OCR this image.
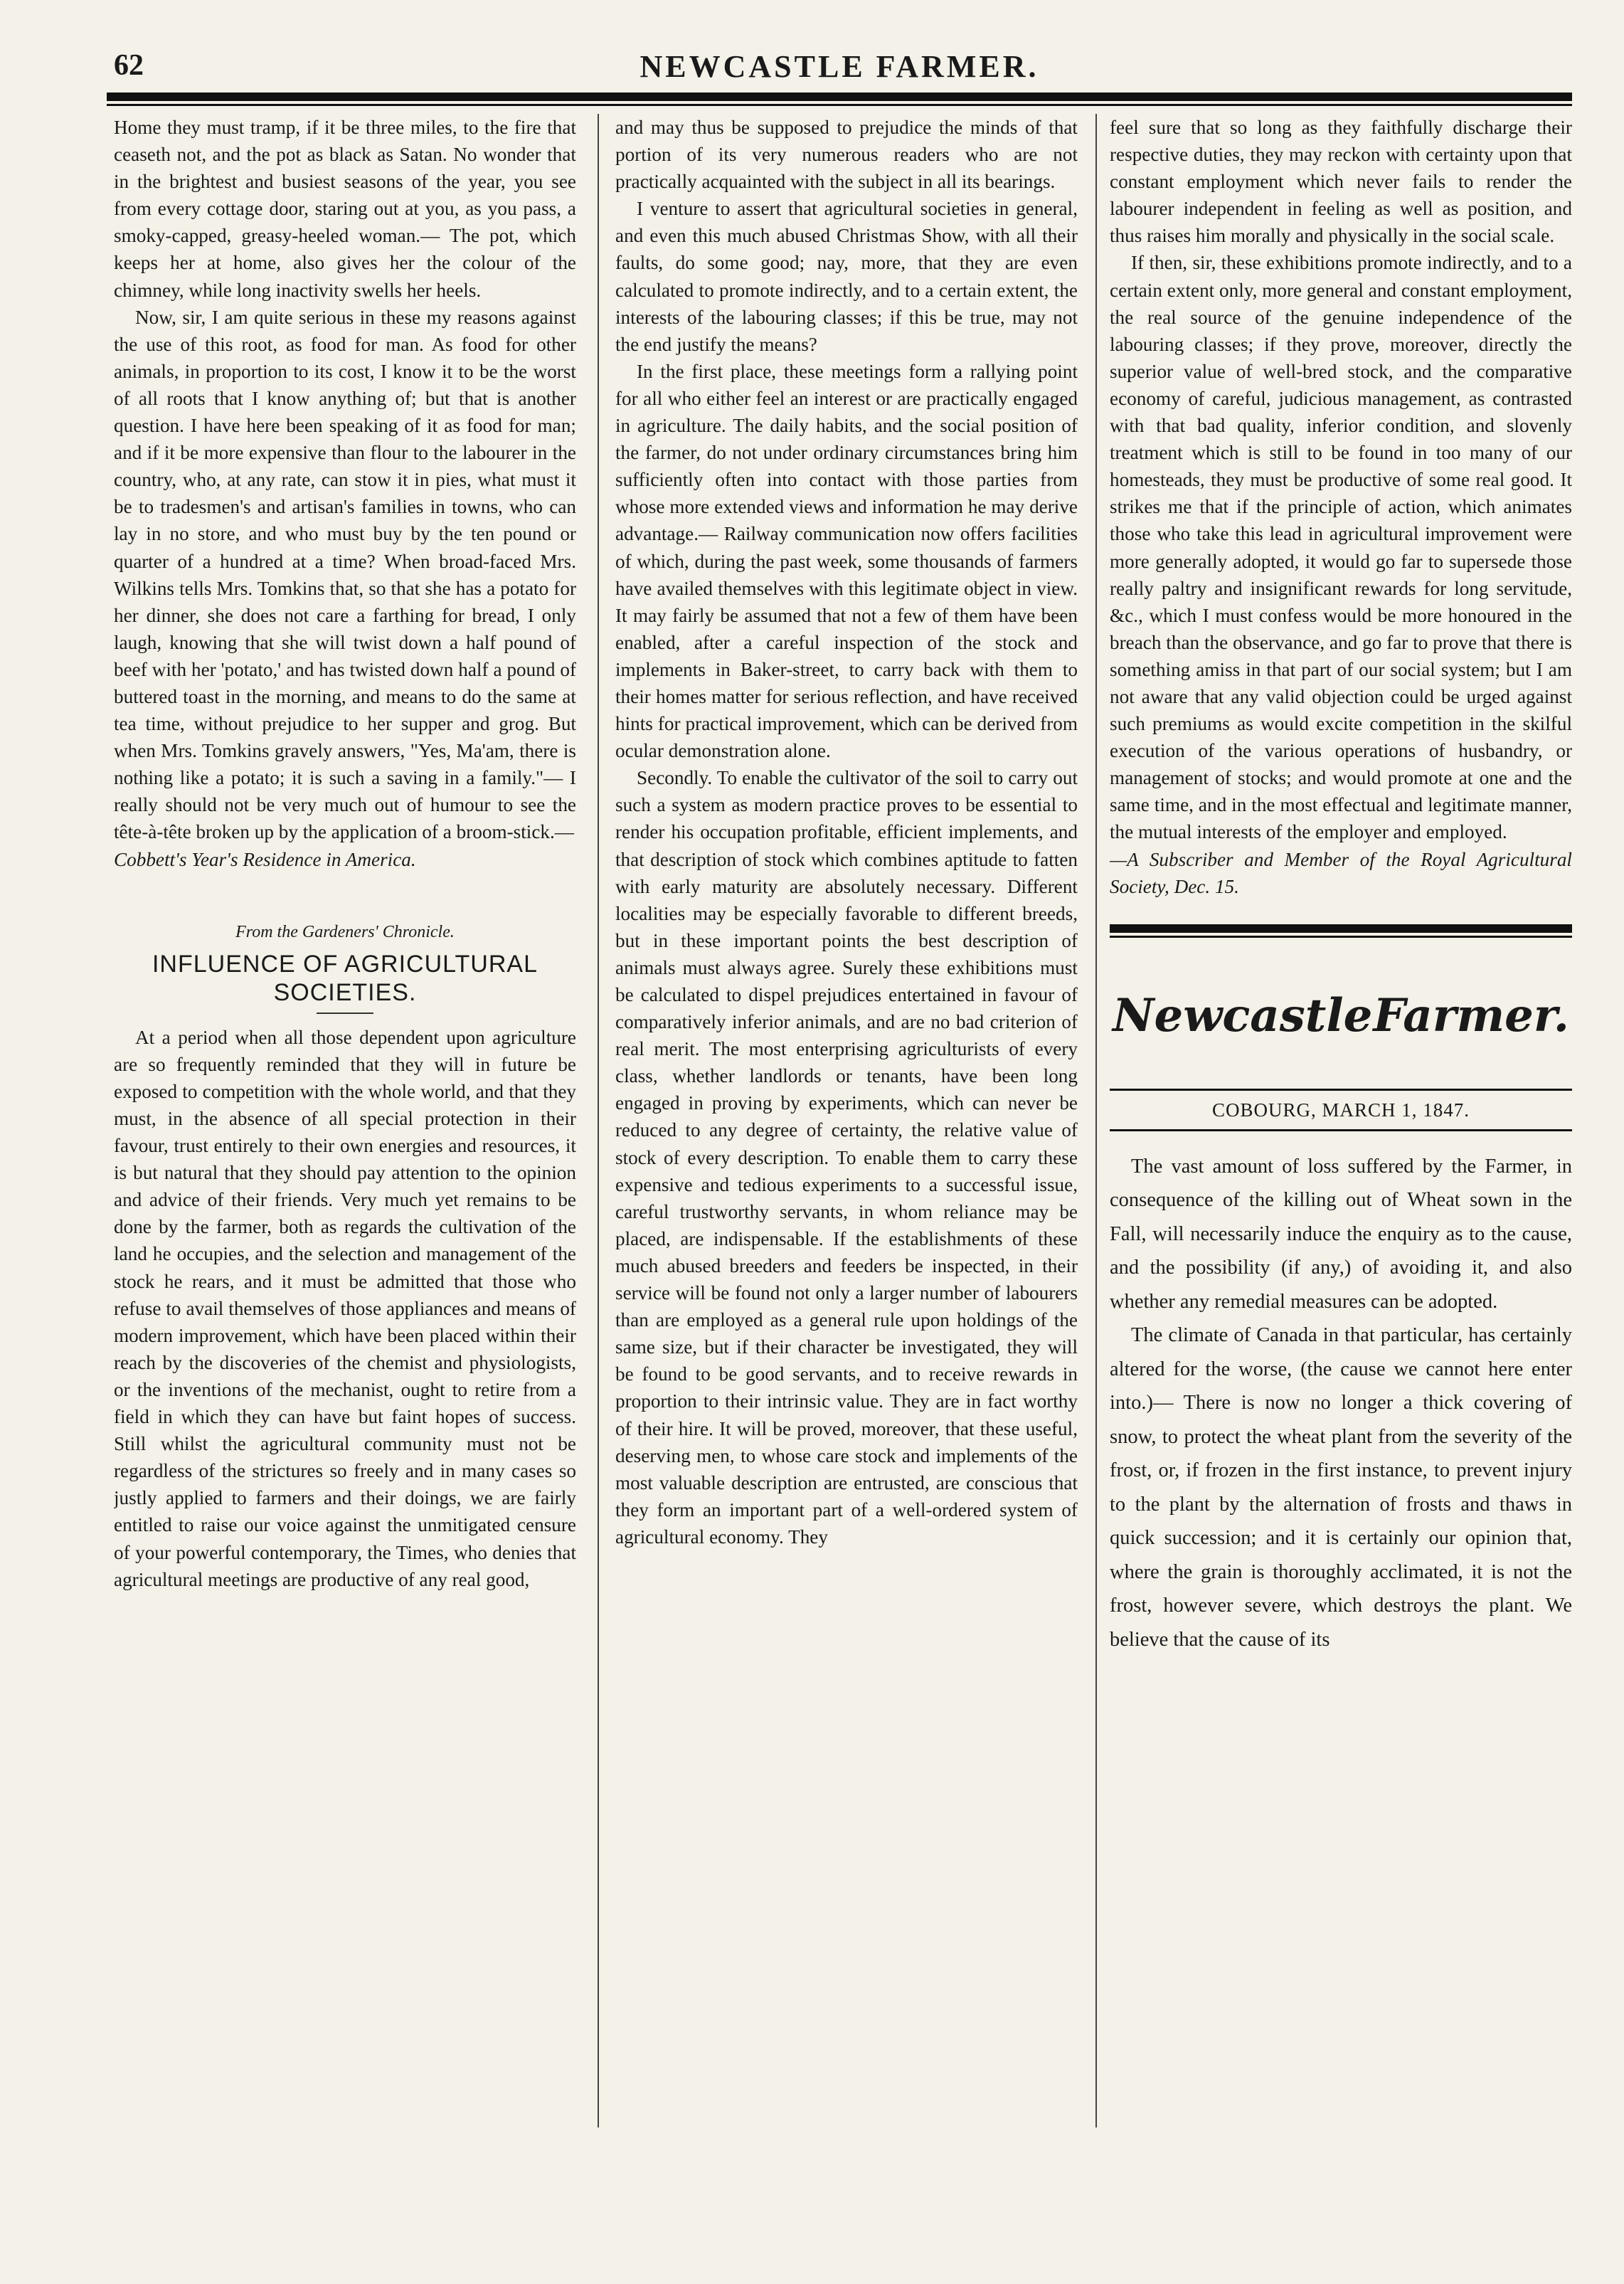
62	NEWCASTLE FARMER.

Home they must tramp, if it be three miles, to the fire that ceaseth not, and the pot as black as Satan. No wonder that in the brightest and busiest seasons of the year, you see from every cottage door, staring out at you, as you pass, a smoky-capped, greasy-heeled woman.— The pot, which keeps her at home, also gives her the colour of the chimney, while long inactivity swells her heels.

Now, sir, I am quite serious in these my reasons against the use of this root, as food for man. As food for other animals, in proportion to its cost, I know it to be the worst of all roots that I know anything of; but that is another question. I have here been speaking of it as food for man; and if it be more expensive than flour to the labourer in the country, who, at any rate, can stow it in pies, what must it be to tradesmen's and artisan's families in towns, who can lay in no store, and who must buy by the ten pound or quarter of a hundred at a time? When broad-faced Mrs. Wilkins tells Mrs. Tomkins that, so that she has a potato for her dinner, she does not care a farthing for bread, I only laugh, knowing that she will twist down a half pound of beef with her 'potato,' and has twisted down half a pound of buttered toast in the morning, and means to do the same at tea time, without prejudice to her supper and grog. But when Mrs. Tomkins gravely answers, "Yes, Ma'am, there is nothing like a potato; it is such a saving in a family."— I really should not be very much out of humour to see the tête-à-tête broken up by the application of a broom-stick.—

Cobbett's Year's Residence in America.

From the Gardeners' Chronicle.

INFLUENCE OF AGRICULTURAL SOCIETIES.

At a period when all those dependent upon agriculture are so frequently reminded that they will in future be exposed to competition with the whole world, and that they must, in the absence of all special protection in their favour, trust entirely to their own energies and resources, it is but natural that they should pay attention to the opinion and advice of their friends. Very much yet remains to be done by the farmer, both as regards the cultivation of the land he occupies, and the selection and management of the stock he rears, and it must be admitted that those who refuse to avail themselves of those appliances and means of modern improvement, which have been placed within their reach by the discoveries of the chemist and physiologists, or the inventions of the mechanist, ought to retire from a field in which they can have but faint hopes of success. Still whilst the agricultural community must not be regardless of the strictures so freely and in many cases so justly applied to farmers and their doings, we are fairly entitled to raise our voice against the unmitigated censure of your powerful contemporary, the Times, who denies that agricultural meetings are productive of any real good,

and may thus be supposed to prejudice the minds of that portion of its very numerous readers who are not practically acquainted with the subject in all its bearings.

I venture to assert that agricultural societies in general, and even this much abused Christmas Show, with all their faults, do some good; nay, more, that they are even calculated to promote indirectly, and to a certain extent, the interests of the labouring classes; if this be true, may not the end justify the means?

In the first place, these meetings form a rallying point for all who either feel an interest or are practically engaged in agriculture. The daily habits, and the social position of the farmer, do not under ordinary circumstances bring him sufficiently often into contact with those parties from whose more extended views and information he may derive advantage.— Railway communication now offers facilities of which, during the past week, some thousands of farmers have availed themselves with this legitimate object in view. It may fairly be assumed that not a few of them have been enabled, after a careful inspection of the stock and implements in Baker-street, to carry back with them to their homes matter for serious reflection, and have received hints for practical improvement, which can be derived from ocular demonstration alone.

Secondly. To enable the cultivator of the soil to carry out such a system as modern practice proves to be essential to render his occupation profitable, efficient implements, and that description of stock which combines aptitude to fatten with early maturity are absolutely necessary. Different localities may be especially favorable to different breeds, but in these important points the best description of animals must always agree. Surely these exhibitions must be calculated to dispel prejudices entertained in favour of comparatively inferior animals, and are no bad criterion of real merit. The most enterprising agriculturists of every class, whether landlords or tenants, have been long engaged in proving by experiments, which can never be reduced to any degree of certainty, the relative value of stock of every description. To enable them to carry these expensive and tedious experiments to a successful issue, careful trustworthy servants, in whom reliance may be placed, are indispensable. If the establishments of these much abused breeders and feeders be inspected, in their service will be found not only a larger number of labourers than are employed as a general rule upon holdings of the same size, but if their character be investigated, they will be found to be good servants, and to receive rewards in proportion to their intrinsic value. They are in fact worthy of their hire. It will be proved, moreover, that these useful, deserving men, to whose care stock and implements of the most valuable description are entrusted, are conscious that they form an important part of a well-ordered system of agricultural economy. They

feel sure that so long as they faithfully discharge their respective duties, they may reckon with certainty upon that constant employment which never fails to render the labourer independent in feeling as well as position, and thus raises him morally and physically in the social scale.

If then, sir, these exhibitions promote indirectly, and to a certain extent only, more general and constant employment, the real source of the genuine independence of the labouring classes; if they prove, moreover, directly the superior value of well-bred stock, and the comparative economy of careful, judicious management, as contrasted with that bad quality, inferior condition, and slovenly treatment which is still to be found in too many of our homesteads, they must be productive of some real good. It strikes me that if the principle of action, which animates those who take this lead in agricultural improvement were more generally adopted, it would go far to supersede those really paltry and insignificant rewards for long servitude, &c., which I must confess would be more honoured in the breach than the observance, and go far to prove that there is something amiss in that part of our social system; but I am not aware that any valid objection could be urged against such premiums as would excite competition in the skilful execution of the various operations of husbandry, or management of stocks; and would promote at one and the same time, and in the most effectual and legitimate manner, the mutual interests of the employer and employed.

—A Subscriber and Member of the Royal Agricultural Society, Dec. 15.

Newcastle Farmer.
COBOURG, MARCH 1, 1847.

The vast amount of loss suffered by the Farmer, in consequence of the killing out of Wheat sown in the Fall, will necessarily induce the enquiry as to the cause, and the possibility (if any,) of avoiding it, and also whether any remedial measures can be adopted.

The climate of Canada in that particular, has certainly altered for the worse, (the cause we cannot here enter into.)— There is now no longer a thick covering of snow, to protect the wheat plant from the severity of the frost, or, if frozen in the first instance, to prevent injury to the plant by the alternation of frosts and thaws in quick succession; and it is certainly our opinion that, where the grain is thoroughly acclimated, it is not the frost, however severe, which destroys the plant. We believe that the cause of its
